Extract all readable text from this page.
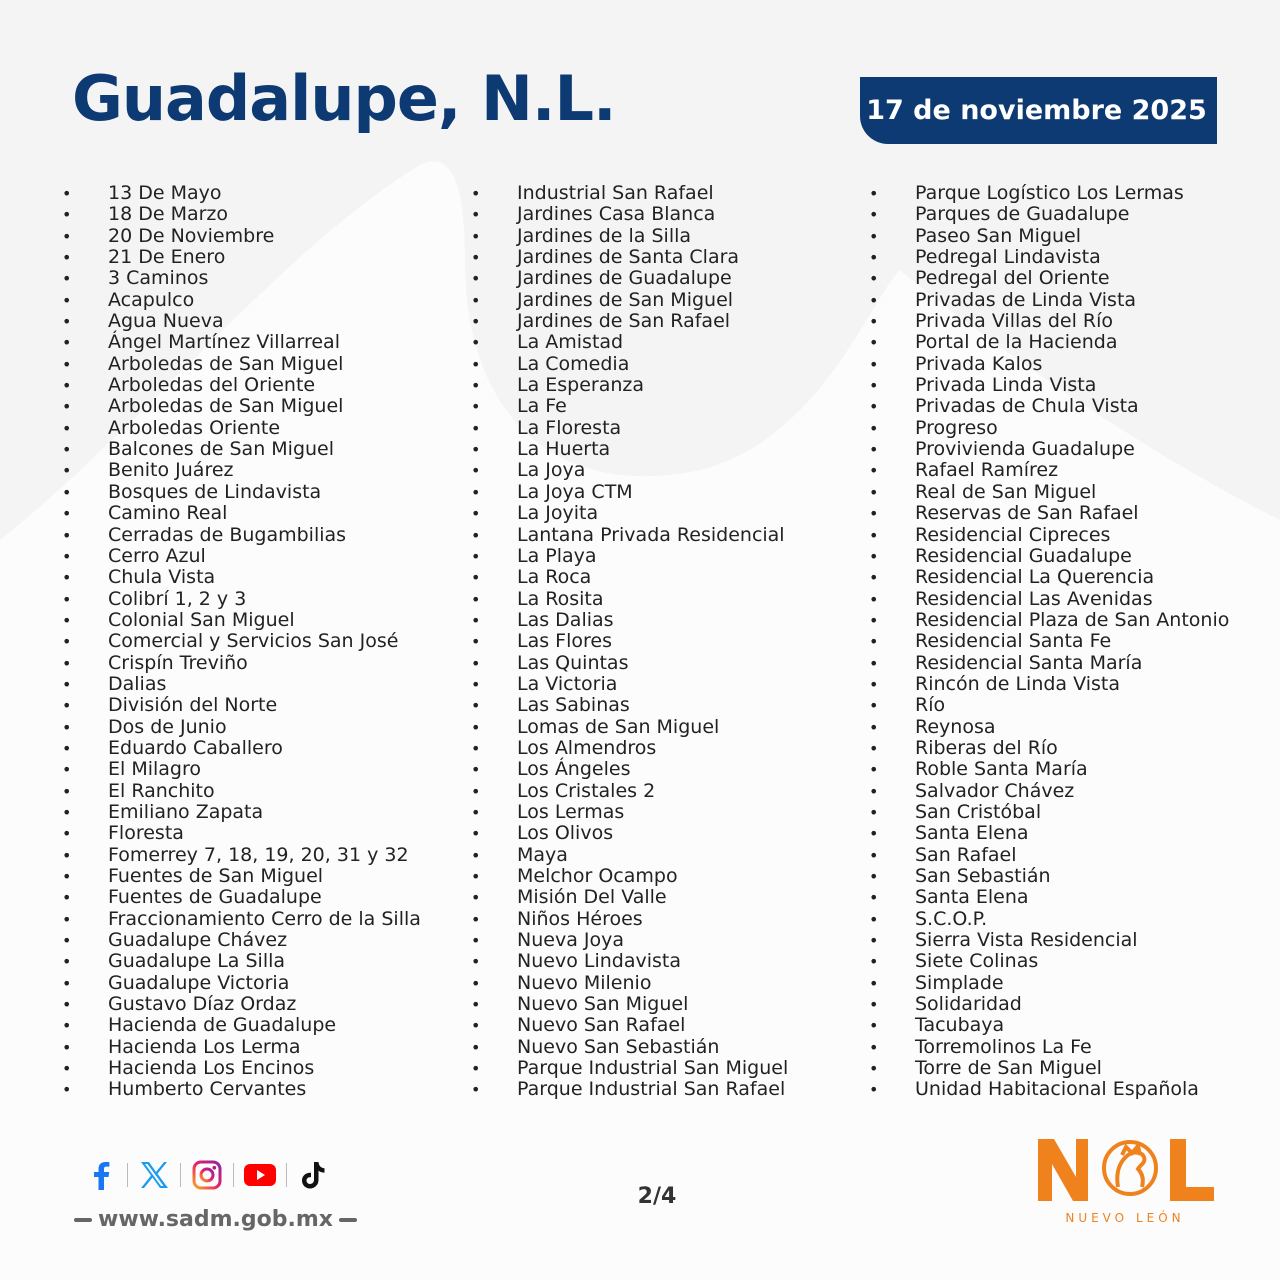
Guadalupe, N.L.	17 de noviembre 2025
• 13 De Mayo
• 18 De Marzo
• 20 De Noviembre
• 21 De Enero
• 3 Caminos
• Acapulco
• Agua Nueva
• Ángel Martínez Villarreal
• Arboledas de San Miguel
• Arboledas del Oriente
• Arboledas de San Miguel
• Arboledas Oriente
• Balcones de San Miguel
• Benito Juárez
• Bosques de Lindavista
• Camino Real
• Cerradas de Bugambilias
• Cerro Azul
• Chula Vista
• Colibrí 1, 2 y 3
• Colonial San Miguel
• Comercial y Servicios San José
• Crispín Treviño
• Dalias
• División del Norte
• Dos de Junio
• Eduardo Caballero
• El Milagro
• El Ranchito
• Emiliano Zapata
• Floresta
• Fomerrey 7, 18, 19, 20, 31 y 32
• Fuentes de San Miguel
• Fuentes de Guadalupe
• Fraccionamiento Cerro de la Silla
• Guadalupe Chávez
• Guadalupe La Silla
• Guadalupe Victoria
• Gustavo Díaz Ordaz
• Hacienda de Guadalupe
• Hacienda Los Lerma
• Hacienda Los Encinos
• Humberto Cervantes
• Industrial San Rafael
• Jardines Casa Blanca
• Jardines de la Silla
• Jardines de Santa Clara
• Jardines de Guadalupe
• Jardines de San Miguel
• Jardines de San Rafael
• La Amistad
• La Comedia
• La Esperanza
• La Fe
• La Floresta
• La Huerta
• La Joya
• La Joya CTM
• La Joyita
• Lantana Privada Residencial
• La Playa
• La Roca
• La Rosita
• Las Dalias
• Las Flores
• Las Quintas
• La Victoria
• Las Sabinas
• Lomas de San Miguel
• Los Almendros
• Los Ángeles
• Los Cristales 2
• Los Lermas
• Los Olivos
• Maya
• Melchor Ocampo
• Misión Del Valle
• Niños Héroes
• Nueva Joya
• Nuevo Lindavista
• Nuevo Milenio
• Nuevo San Miguel
• Nuevo San Rafael
• Nuevo San Sebastián
• Parque Industrial San Miguel
• Parque Industrial San Rafael
• Parque Logístico Los Lermas
• Parques de Guadalupe
• Paseo San Miguel
• Pedregal Lindavista
• Pedregal del Oriente
• Privadas de Linda Vista
• Privada Villas del Río
• Portal de la Hacienda
• Privada Kalos
• Privada Linda Vista
• Privadas de Chula Vista
• Progreso
• Provivienda Guadalupe
• Rafael Ramírez
• Real de San Miguel
• Reservas de San Rafael
• Residencial Cipreces
• Residencial Guadalupe
• Residencial La Querencia
• Residencial Las Avenidas
• Residencial Plaza de San Antonio
• Residencial Santa Fe
• Residencial Santa María
• Rincón de Linda Vista
• Río
• Reynosa
• Riberas del Río
• Roble Santa María
• Salvador Chávez
• San Cristóbal
• Santa Elena
• San Rafael
• San Sebastián
• Santa Elena
• S.C.O.P.
• Sierra Vista Residencial
• Siete Colinas
• Simplade
• Solidaridad
• Tacubaya
• Torremolinos La Fe
• Torre de San Miguel
• Unidad Habitacional Española
www.sadm.gob.mx
2/4
NUEVO LEÓN
